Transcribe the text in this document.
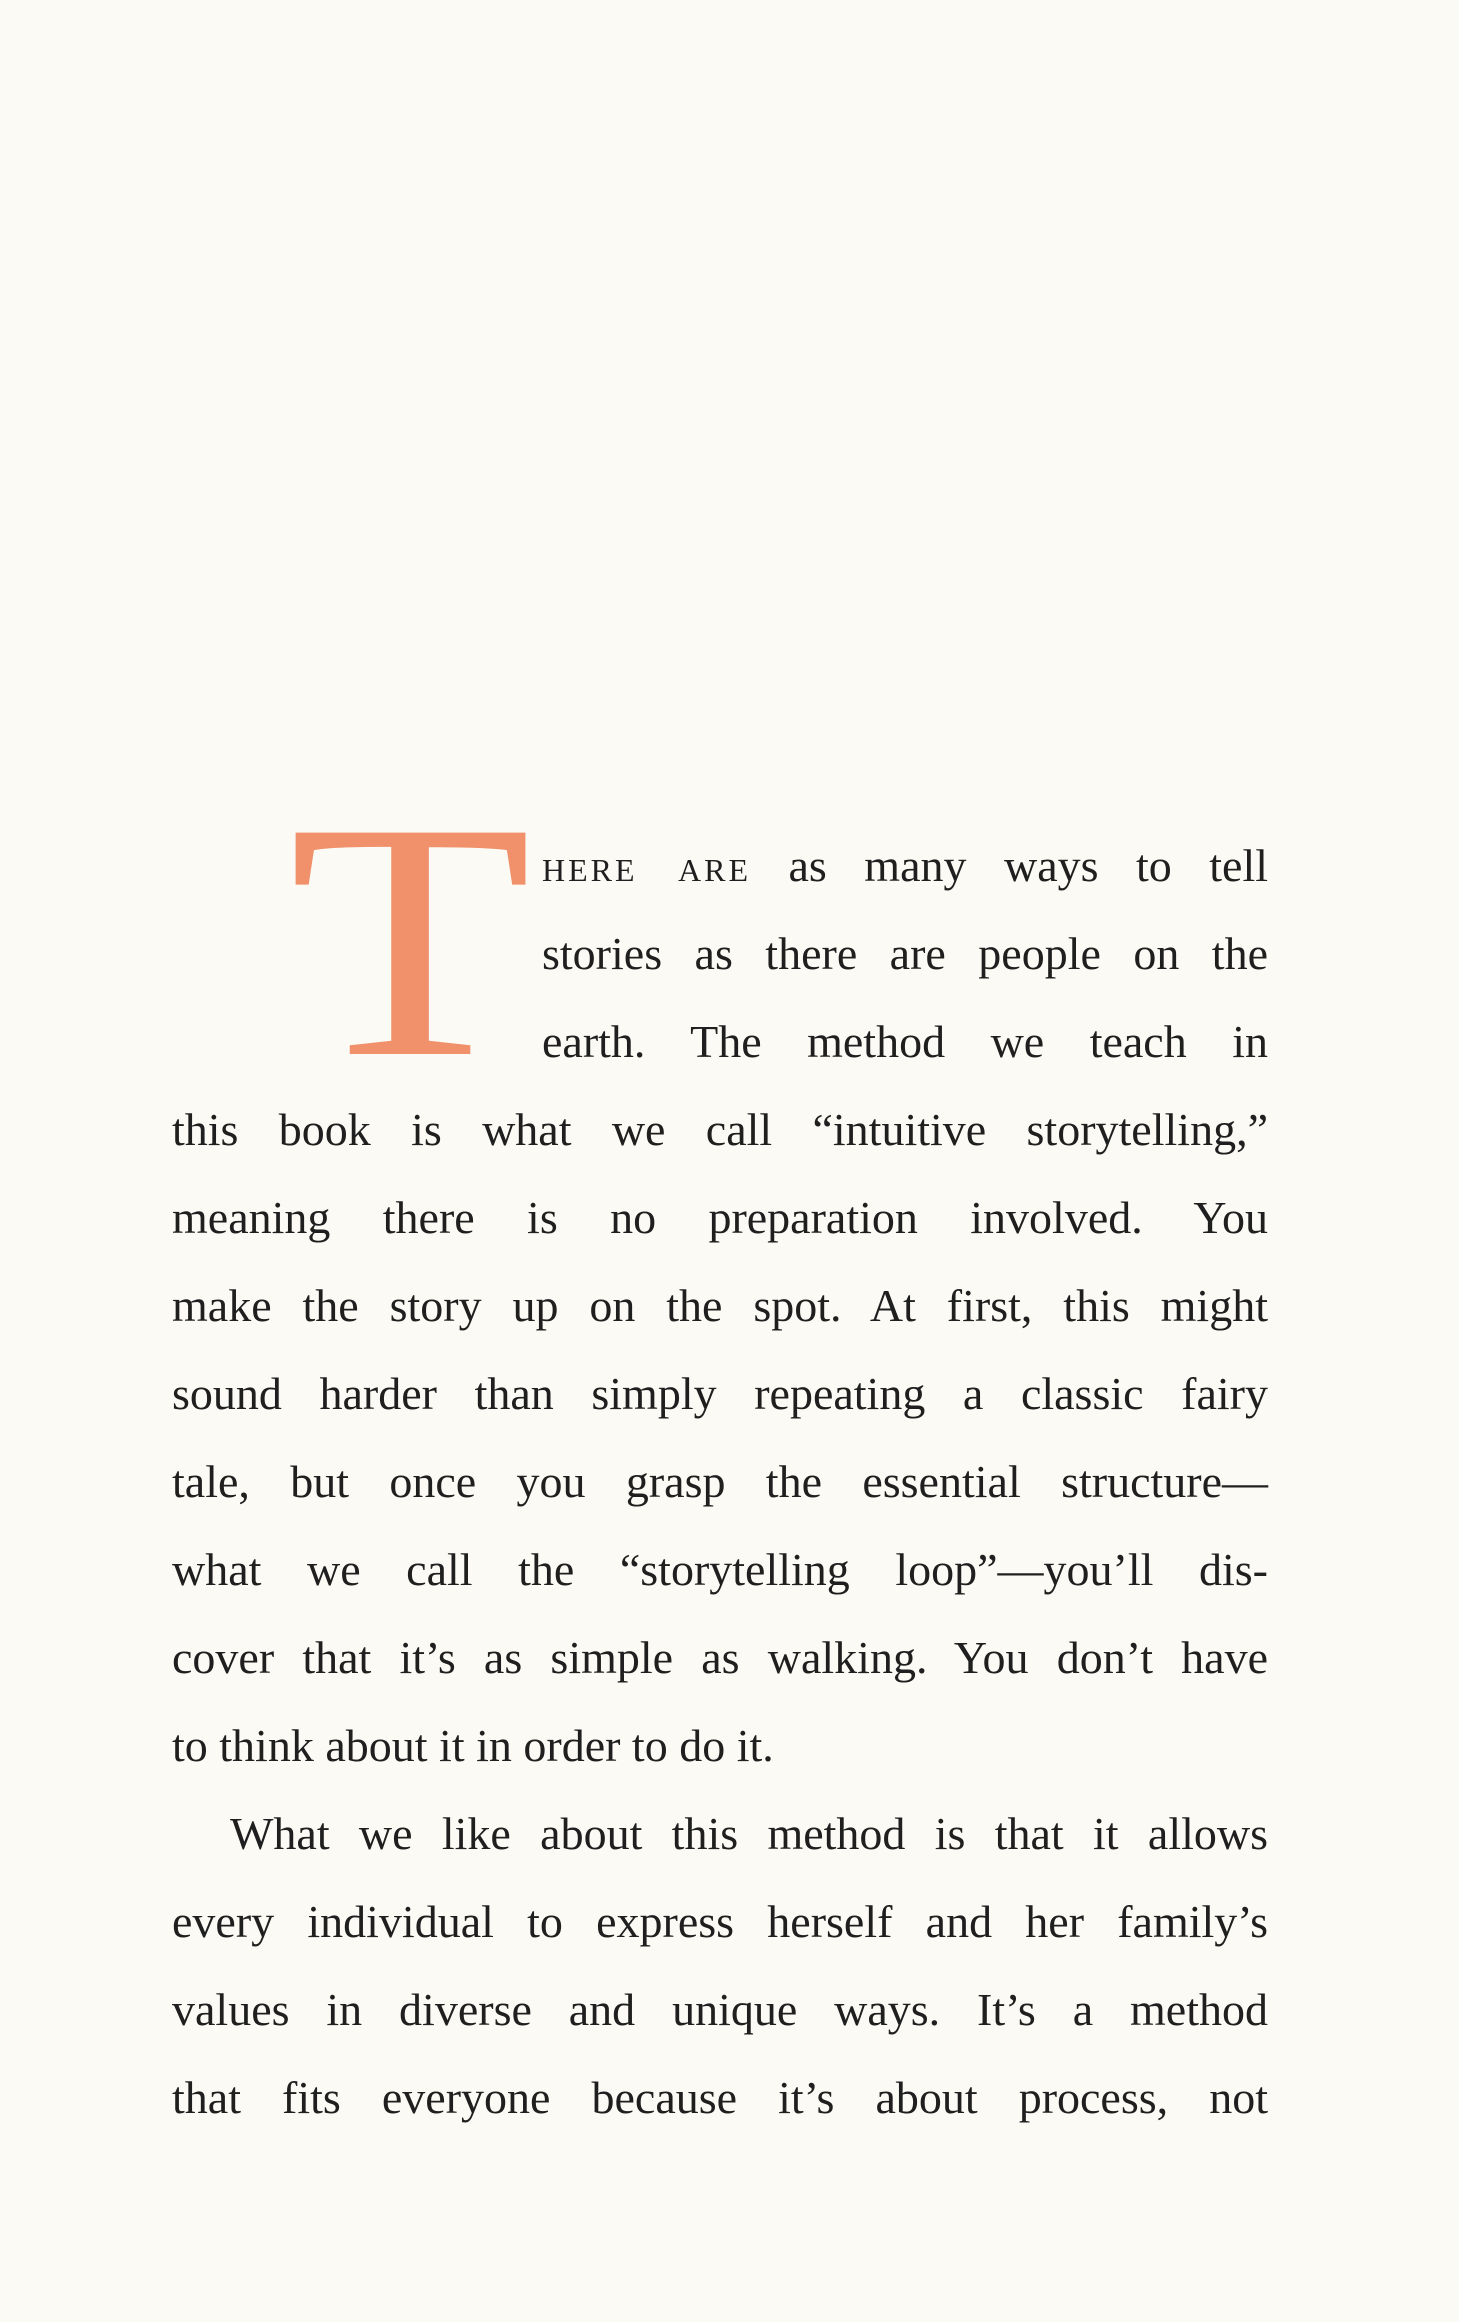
T here are as many ways to tell
stories as there are people on the
earth. The method we teach in
this book is what we call “intuitive storytelling,”
meaning there is no preparation involved. You
make the story up on the spot. At first, this might
sound harder than simply repeating a classic fairy
tale, but once you grasp the essential structure—
what we call the “storytelling loop”—you’ll dis-
cover that it’s as simple as walking. You don’t have
to think about it in order to do it.
What we like about this method is that it allows
every individual to express herself and her family’s
values in diverse and unique ways. It’s a method
that fits everyone because it’s about process, not
